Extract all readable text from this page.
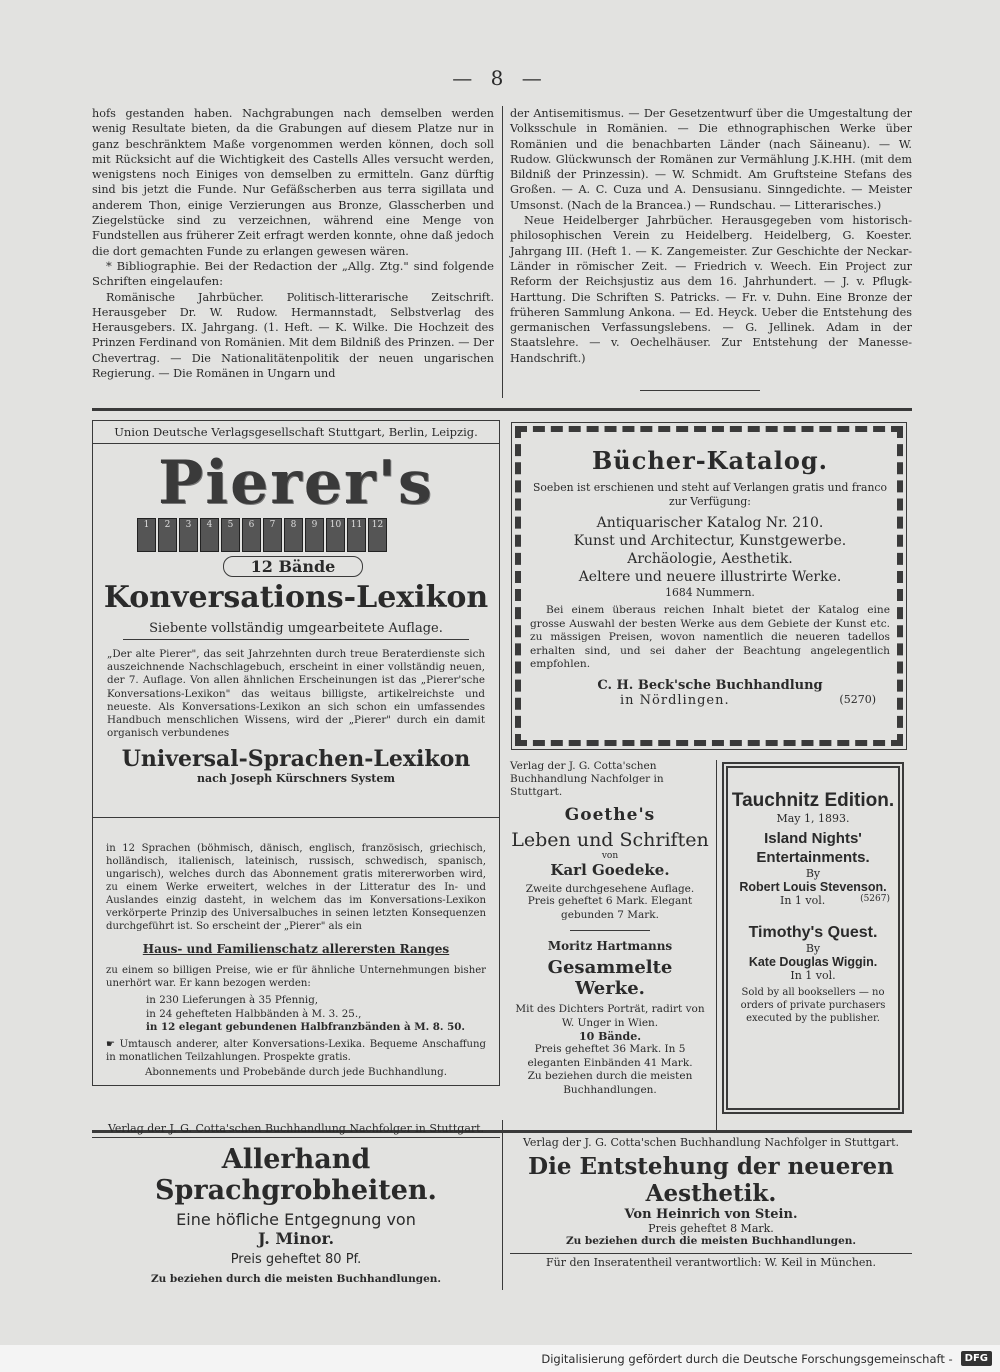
— 8 —

hofs gestanden haben. Nachgrabungen nach demselben werden wenig Resultate bieten, da die Grabungen auf diesem Platze nur in ganz beschränktem Maße vorgenommen werden können, doch soll mit Rücksicht auf die Wichtigkeit des Castells Alles versucht werden, wenigstens noch Einiges von demselben zu ermitteln. Ganz dürftig sind bis jetzt die Funde. Nur Gefäßscherben aus terra sigillata und anderem Thon, einige Verzierungen aus Bronze, Glasscherben und Ziegelstücke sind zu verzeichnen, während eine Menge von Fundstellen aus früherer Zeit erfragt werden konnte, ohne daß jedoch die dort gemachten Funde zu erlangen gewesen wären.

* Bibliographie. Bei der Redaction der „Allg. Ztg." sind folgende Schriften eingelaufen:

Romänische Jahrbücher. Politisch-litterarische Zeitschrift. Herausgeber Dr. W. Rudow. Hermannstadt, Selbstverlag des Herausgebers. IX. Jahrgang. (1. Heft. — K. Wilke. Die Hochzeit des Prinzen Ferdinand von Romänien. Mit dem Bildniß des Prinzen. — Der Chevertrag. — Die Nationalitätenpolitik der neuen ungarischen Regierung. — Die Romänen in Ungarn und

der Antisemitismus. — Der Gesetzentwurf über die Umgestaltung der Volksschule in Romänien. — Die ethnographischen Werke über Romänien und die benachbarten Länder (nach Săineanu). — W. Rudow. Glückwunsch der Romänen zur Vermählung J.K.HH. (mit dem Bildniß der Prinzessin). — W. Schmidt. Am Gruftsteine Stefans des Großen. — A. C. Cuza und A. Densusianu. Sinngedichte. — Meister Umsonst. (Nach de la Brancea.) — Rundschau. — Litterarisches.)

Neue Heidelberger Jahrbücher. Herausgegeben vom historisch-philosophischen Verein zu Heidelberg. Heidelberg, G. Koester. Jahrgang III. (Heft 1. — K. Zangemeister. Zur Geschichte der Neckar-Länder in römischer Zeit. — Friedrich v. Weech. Ein Project zur Reform der Reichsjustiz aus dem 16. Jahrhundert. — J. v. Pflugk-Harttung. Die Schriften S. Patricks. — Fr. v. Duhn. Eine Bronze der früheren Sammlung Ankona. — Ed. Heyck. Ueber die Entstehung des germanischen Verfassungslebens. — G. Jellinek. Adam in der Staatslehre. — v. Oechelhäuser. Zur Entstehung der Manesse-Handschrift.)

Union Deutsche Verlagsgesellschaft Stuttgart, Berlin, Leipzig.
Pierer's
1	2	3	4	5	6	7	8	9	10	11	12
12 Bände
Konversations-Lexikon
Siebente vollständig umgearbeitete Auflage.
„Der alte Pierer", das seit Jahrzehnten durch treue Beraterdienste sich auszeichnende Nachschlagebuch, erscheint in einer vollständig neuen, der 7. Auflage. Von allen ähnlichen Erscheinungen ist das „Pierer'sche Konversations-Lexikon" das weitaus billigste, artikelreichste und neueste. Als Konversations-Lexikon an sich schon ein umfassendes Handbuch menschlichen Wissens, wird der „Pierer" durch ein damit organisch verbundenes
Universal-Sprachen-Lexikon
nach Joseph Kürschners System
in 12 Sprachen (böhmisch, dänisch, englisch, französisch, griechisch, holländisch, italienisch, lateinisch, russisch, schwedisch, spanisch, ungarisch), welches durch das Abonnement gratis mitererworben wird, zu einem Werke erweitert, welches in der Litteratur des In- und Auslandes einzig dasteht, in welchem das im Konversations-Lexikon verkörperte Prinzip des Universalbuches in seinen letzten Konsequenzen durchgeführt ist. So erscheint der „Pierer" als ein
Haus- und Familienschatz allerersten Ranges
zu einem so billigen Preise, wie er für ähnliche Unternehmungen bisher unerhört war. Er kann bezogen werden:
in 230 Lieferungen à 35 Pfennig,
in 24 gehefteten Halbbänden à M. 3. 25.,
in 12 elegant gebundenen Halbfranzbänden à M. 8. 50.
☛ Umtausch anderer, alter Konversations-Lexika. Bequeme Anschaffung in monatlichen Teilzahlungen. Prospekte gratis.
Abonnements und Probebände durch jede Buchhandlung.
Bücher-Katalog.
Soeben ist erschienen und steht auf Verlangen gratis und franco zur Verfügung:
Antiquarischer Katalog Nr. 210.
Kunst und Architectur, Kunstgewerbe.
Archäologie, Aesthetik.
Aeltere und neuere illustrirte Werke.
1684 Nummern.
Bei einem überaus reichen Inhalt bietet der Katalog eine grosse Auswahl der besten Werke aus dem Gebiete der Kunst etc. zu mässigen Preisen, wovon namentlich die neueren tadellos erhalten sind, und sei daher der Beachtung angelegentlich empfohlen.
C. H. Beck'sche Buchhandlung
in Nördlingen.	(5270)
Verlag der J. G. Cotta'schen Buchhandlung Nachfolger in Stuttgart.
Goethe's
Leben und Schriften
von
Karl Goedeke.
Zweite durchgesehene Auflage.
Preis geheftet 6 Mark. Elegant gebunden 7 Mark.
Moritz Hartmanns
Gesammelte Werke.
Mit des Dichters Porträt, radirt von W. Unger in Wien.
10 Bände.
Preis geheftet 36 Mark. In 5 eleganten Einbänden 41 Mark.
Zu beziehen durch die meisten Buchhandlungen.
Tauchnitz Edition.
May 1, 1893.
Island Nights' Entertainments.
By
Robert Louis Stevenson.
In 1 vol.	(5267)
Timothy's Quest.
By
Kate Douglas Wiggin.
In 1 vol.
Sold by all booksellers — no orders of private purchasers executed by the publisher.
Verlag der J. G. Cotta'schen Buchhandlung Nachfolger in Stuttgart.
Allerhand Sprachgrobheiten.
Eine höfliche Entgegnung von
J. Minor.
Preis geheftet 80 Pf.
Zu beziehen durch die meisten Buchhandlungen.
Verlag der J. G. Cotta'schen Buchhandlung Nachfolger in Stuttgart.
Die Entstehung der neueren Aesthetik.
Von Heinrich von Stein.
Preis geheftet 8 Mark.
Zu beziehen durch die meisten Buchhandlungen.
Für den Inseratentheil verantwortlich: W. Keil in München.
Digitalisierung gefördert durch die Deutsche Forschungsgemeinschaft -	DFG
